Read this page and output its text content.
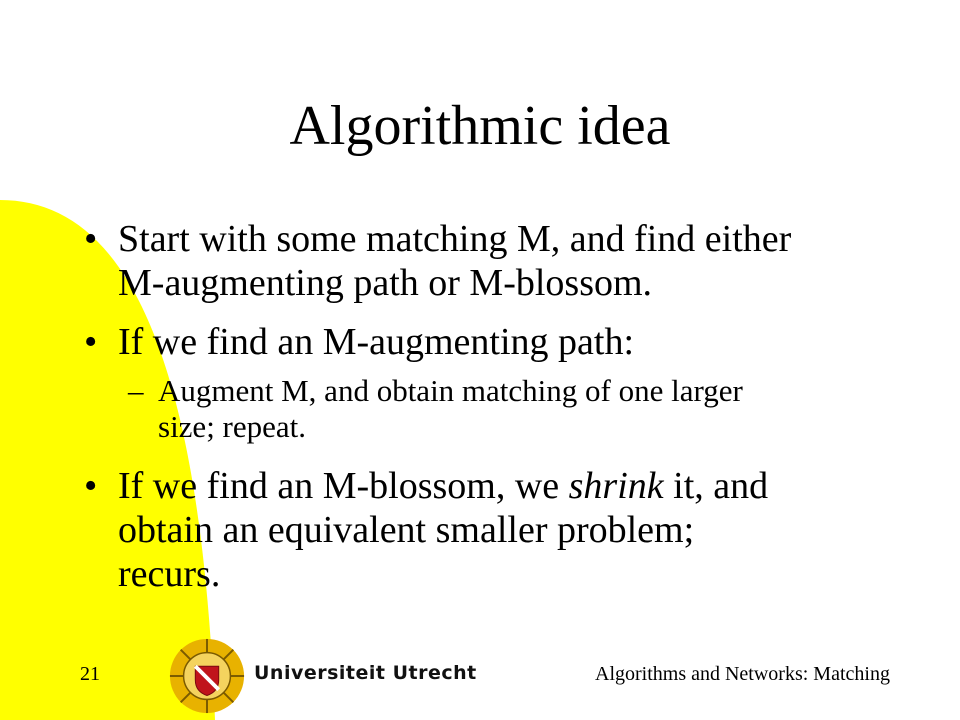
Algorithmic idea
• Start with some matching M, and find either
M-augmenting path or M-blossom.
• If we find an M-augmenting path:
– Augment M, and obtain matching of one larger
size; repeat.
• If we find an M-blossom, we shrink it, and
obtain an equivalent smaller problem;
recurs.
21	Universiteit Utrecht	Algorithms and Networks: Matching
